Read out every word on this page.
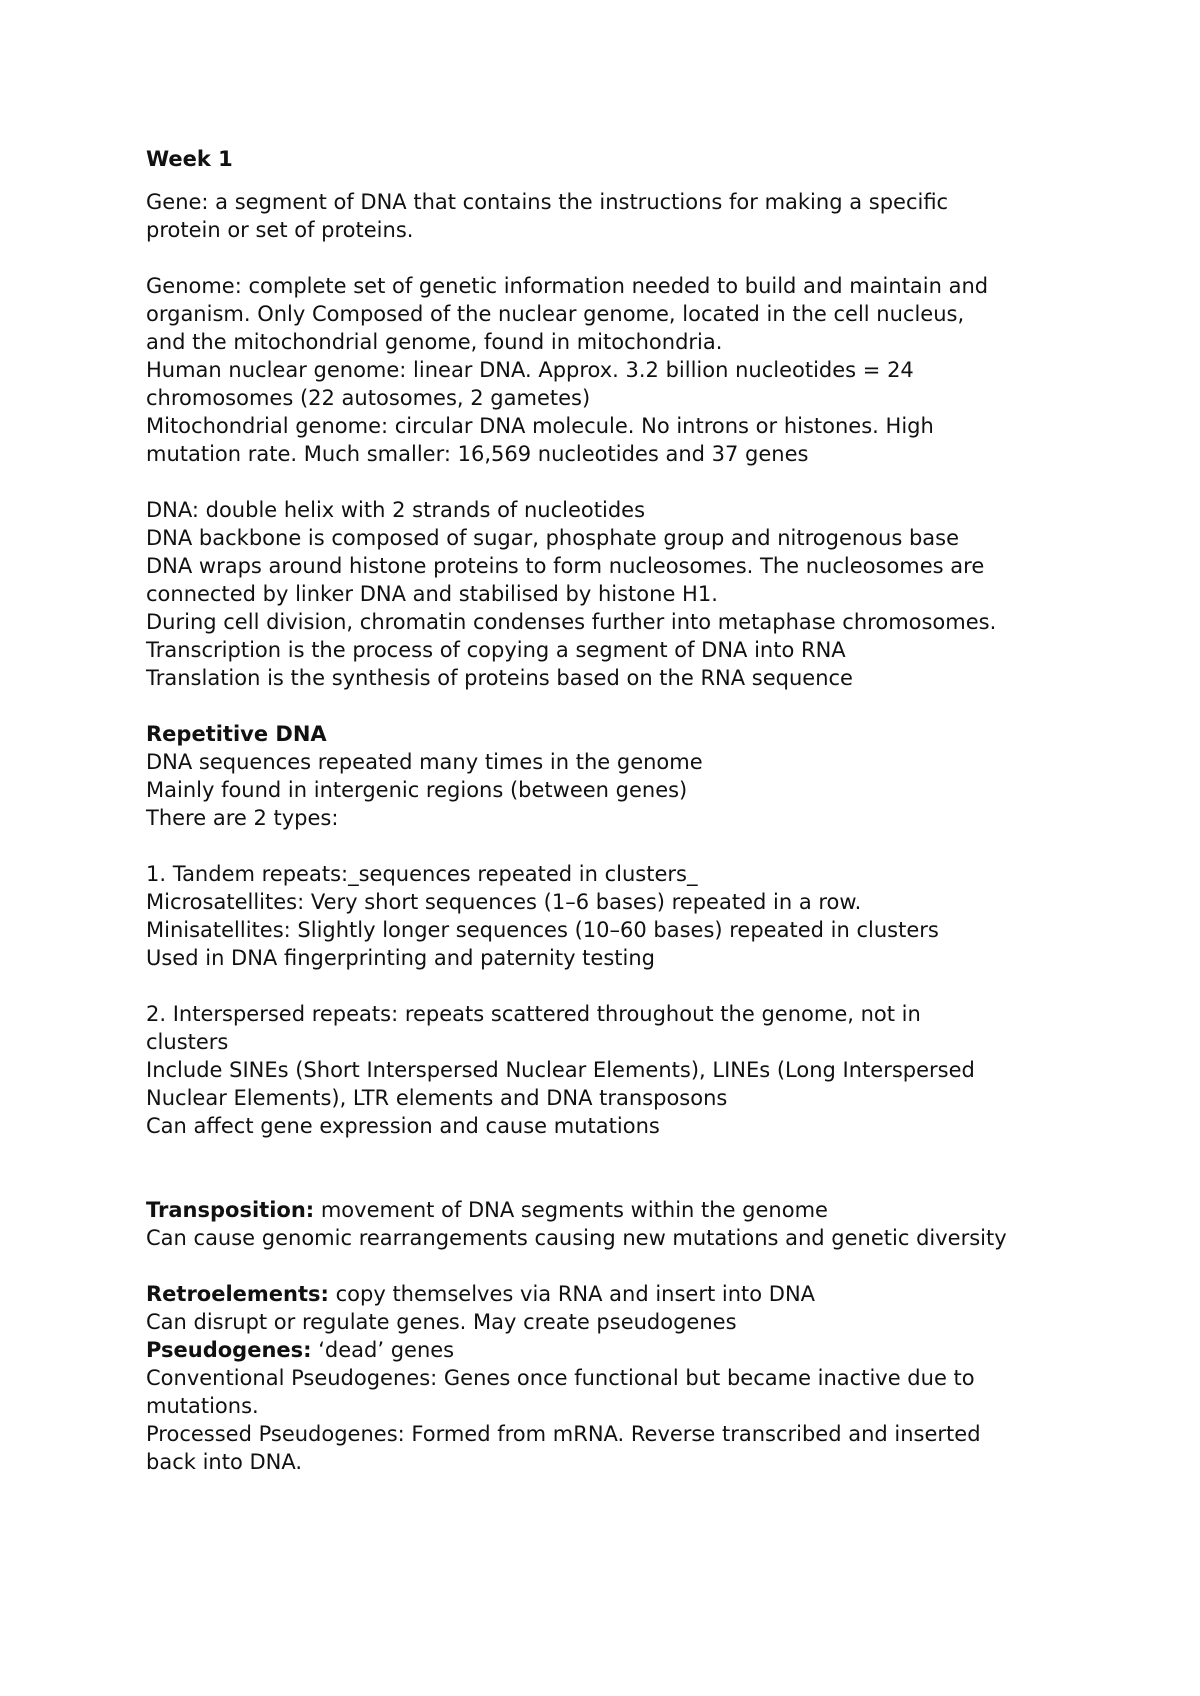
Week 1
Gene: a segment of DNA that contains the instructions for making a specific
protein or set of proteins.
Genome: complete set of genetic information needed to build and maintain and
organism. Only Composed of the nuclear genome, located in the cell nucleus,
and the mitochondrial genome, found in mitochondria.
Human nuclear genome: linear DNA. Approx. 3.2 billion nucleotides = 24
chromosomes (22 autosomes, 2 gametes)
Mitochondrial genome: circular DNA molecule. No introns or histones. High
mutation rate. Much smaller: 16,569 nucleotides and 37 genes
DNA: double helix with 2 strands of nucleotides
DNA backbone is composed of sugar, phosphate group and nitrogenous base
DNA wraps around histone proteins to form nucleosomes. The nucleosomes are
connected by linker DNA and stabilised by histone H1.
During cell division, chromatin condenses further into metaphase chromosomes.
Transcription is the process of copying a segment of DNA into RNA
Translation is the synthesis of proteins based on the RNA sequence
Repetitive DNA
DNA sequences repeated many times in the genome
Mainly found in intergenic regions (between genes)
There are 2 types:
1. Tandem repeats:_sequences repeated in clusters_
Microsatellites: Very short sequences (1–6 bases) repeated in a row.
Minisatellites: Slightly longer sequences (10–60 bases) repeated in clusters
Used in DNA fingerprinting and paternity testing
2. Interspersed repeats: repeats scattered throughout the genome, not in
clusters
Include SINEs (Short Interspersed Nuclear Elements), LINEs (Long Interspersed
Nuclear Elements), LTR elements and DNA transposons
Can affect gene expression and cause mutations
Transposition: movement of DNA segments within the genome
Can cause genomic rearrangements causing new mutations and genetic diversity
Retroelements: copy themselves via RNA and insert into DNA
Can disrupt or regulate genes. May create pseudogenes
Pseudogenes: ‘dead’ genes
Conventional Pseudogenes: Genes once functional but became inactive due to
mutations.
Processed Pseudogenes: Formed from mRNA. Reverse transcribed and inserted
back into DNA.
